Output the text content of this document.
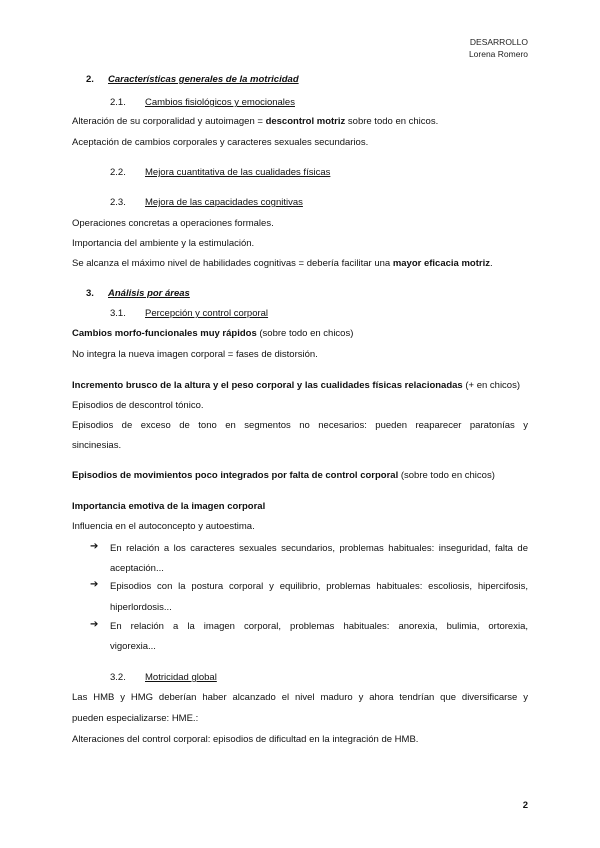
DESARROLLO
Lorena Romero
2. Características generales de la motricidad
2.1. Cambios fisiológicos y emocionales
Alteración de su corporalidad y autoimagen = descontrol motriz sobre todo en chicos.
Aceptación de cambios corporales y caracteres sexuales secundarios.
2.2. Mejora cuantitativa de las cualidades físicas
2.3. Mejora de las capacidades cognitivas
Operaciones concretas a operaciones formales.
Importancia del ambiente y la estimulación.
Se alcanza el máximo nivel de habilidades cognitivas = debería facilitar una mayor eficacia motriz.
3. Análisis por áreas
3.1. Percepción y control corporal
Cambios morfo-funcionales muy rápidos (sobre todo en chicos)
No integra la nueva imagen corporal = fases de distorsión.
Incremento brusco de la altura y el peso corporal y las cualidades físicas relacionadas (+ en chicos)
Episodios de descontrol tónico.
Episodios de exceso de tono en segmentos no necesarios: pueden reaparecer paratonías y
sincinesias.
Episodios de movimientos poco integrados por falta de control corporal (sobre todo en chicos)
Importancia emotiva de la imagen corporal
Influencia en el autoconcepto y autoestima.
➔ En relación a los caracteres sexuales secundarios, problemas habituales: inseguridad, falta de
aceptación...
➔ Episodios con la postura corporal y equilibrio, problemas habituales: escoliosis, hipercifosis,
hiperlordosis...
➔ En relación a la imagen corporal, problemas habituales: anorexia, bulimia, ortorexia,
vigorexia...
3.2. Motricidad global
Las HMB y HMG deberían haber alcanzado el nivel maduro y ahora tendrían que diversificarse y
pueden especializarse: HME.:
Alteraciones del control corporal: episodios de dificultad en la integración de HMB.
2
